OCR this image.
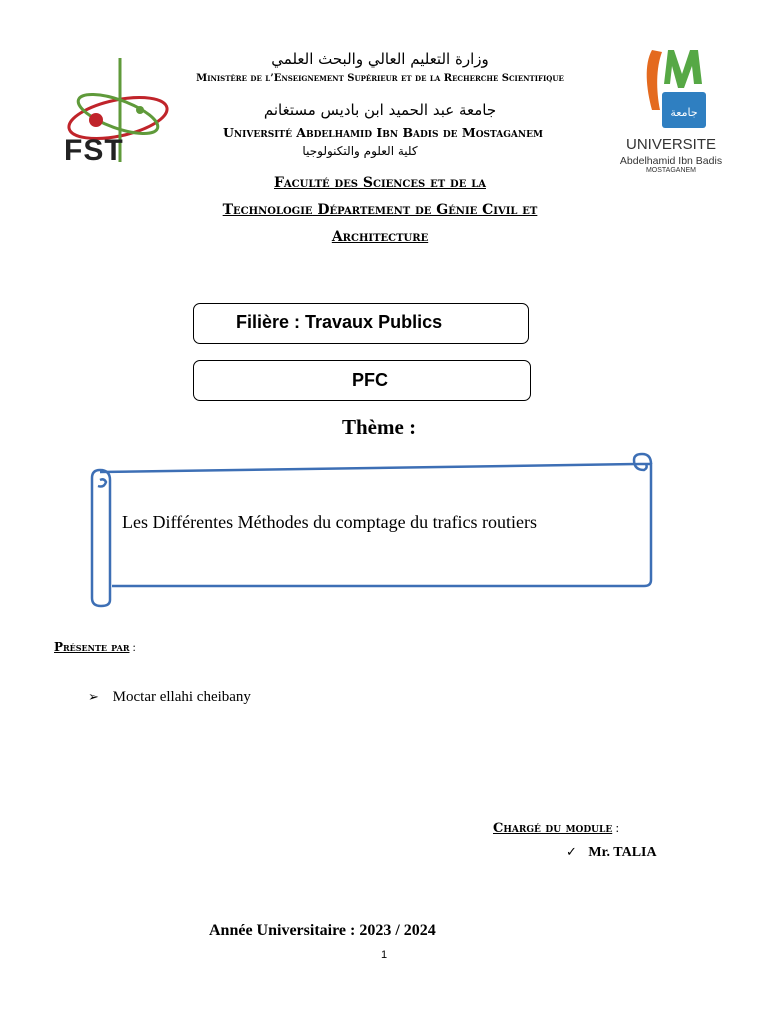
FST
جامعة
UNIVERSITE
Abdelhamid Ibn Badis
MOSTAGANEM
وزارة التعليم العالي والبحث العلمي
Ministère de l’Enseignement Supérieur et de la Recherche Scientifique
جامعة عبد الحميد ابن باديس مستغانم
Université Abdelhamid Ibn Badis de Mostaganem
كلية العلوم والتكنولوجيا
Faculté des Sciences et de la
Technologie Département de Génie Civil et
Architecture
Filière : Travaux Publics
PFC
Thème :
Les Différentes Méthodes du comptage du trafics routiers
Présente par :
➢ Moctar ellahi cheibany
Chargé du module :
✓ Mr. TALIA
Année Universitaire : 2023 / 2024
1
